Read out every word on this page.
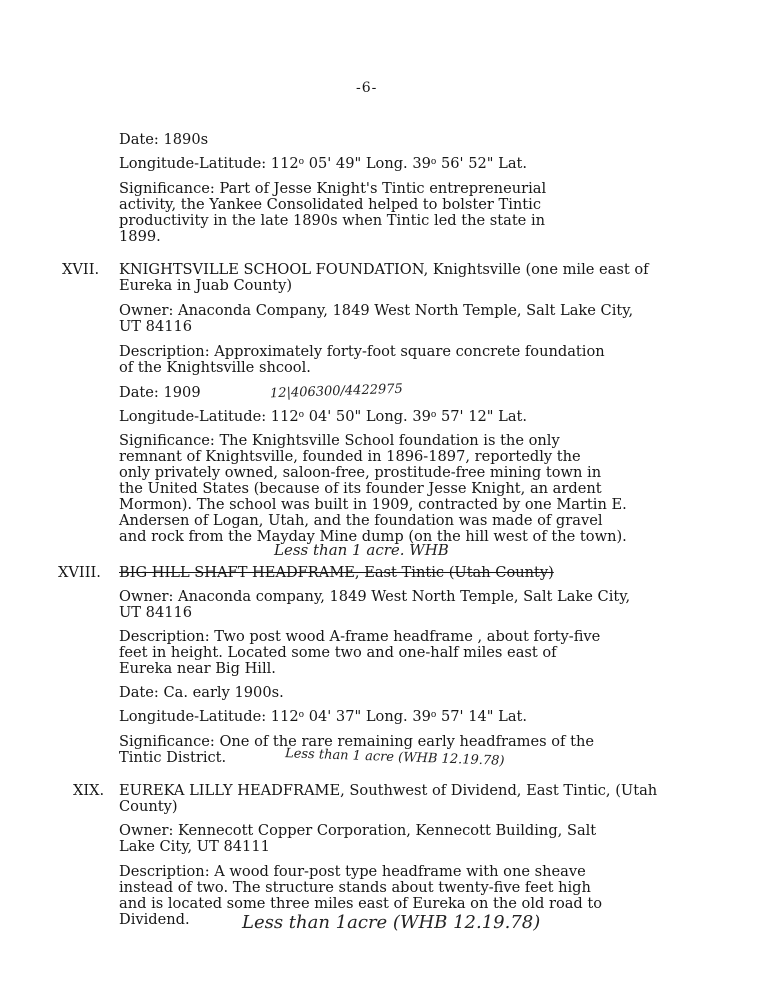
-6-
Date: 1890s
Longitude-Latitude: 112$^o$ 05' 49" Long. 39$^o$ 56' 52" Lat.
Significance: Part of Jesse Knight's Tintic entrepreneurial
activity, the Yankee Consolidated helped to bolster Tintic
productivity in the late 1890s when Tintic led the state in
1899.
XVII. KNIGHTSVILLE SCHOOL FOUNDATION, Knightsville (one mile east of
Eureka in Juab County)
Owner: Anaconda Company, 1849 West North Temple, Salt Lake City,
UT 84116
Description: Approximately forty-foot square concrete foundation
of the Knightsville shcool.
Date: 1909	12|406300/4422975
Longitude-Latitude: 112$^o$ 04' 50" Long. 39$^o$ 57' 12" Lat.
Significance: The Knightsville School foundation is the only
remnant of Knightsville, founded in 1896-1897, reportedly the
only privately owned, saloon-free, prostitude-free mining town in
the United States (because of its founder Jesse Knight, an ardent
Mormon). The school was built in 1909, contracted by one Martin E.
Andersen of Logan, Utah, and the foundation was made of gravel
and rock from the Mayday Mine dump (on the hill west of the town).
Less than 1 acre. WHB
XVIII. BIG HILL SHAFT HEADFRAME, East Tintic (Utah County)
Owner: Anaconda company, 1849 West North Temple, Salt Lake City,
UT 84116
Description: Two post wood A-frame headframe , about forty-five
feet in height. Located some two and one-half miles east of
Eureka near Big Hill.
Date: Ca. early 1900s.
Longitude-Latitude: 112$^o$ 04' 37" Long. 39$^o$ 57' 14" Lat.
Significance: One of the rare remaining early headframes of the
Tintic District.	Less than 1 acre (WHB 12.19.78)
XIX. EUREKA LILLY HEADFRAME, Southwest of Dividend, East Tintic, (Utah
County)
Owner: Kennecott Copper Corporation, Kennecott Building, Salt
Lake City, UT 84111
Description: A wood four-post type headframe with one sheave
instead of two. The structure stands about twenty-five feet high
and is located some three miles east of Eureka on the old road to
Dividend.	Less than 1acre (WHB 12.19.78)
